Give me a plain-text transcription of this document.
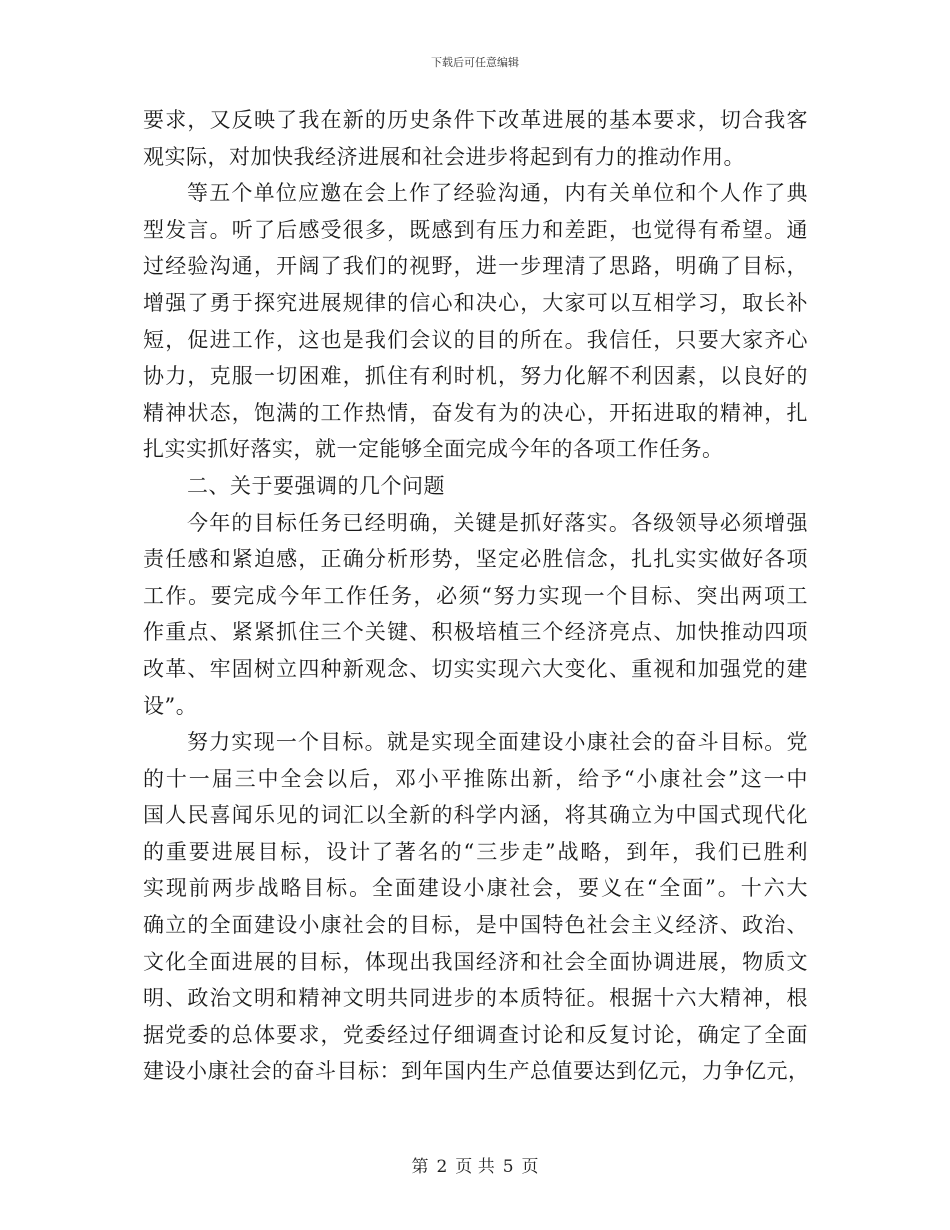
下载后可任意编辑
要求，又反映了我在新的历史条件下改革进展的基本要求，切合我客
观实际，对加快我经济进展和社会进步将起到有力的推动作用。
等五个单位应邀在会上作了经验沟通，内有关单位和个人作了典
型发言。听了后感受很多，既感到有压力和差距，也觉得有希望。通
过经验沟通，开阔了我们的视野，进一步理清了思路，明确了目标，
增强了勇于探究进展规律的信心和决心，大家可以互相学习，取长补
短，促进工作，这也是我们会议的目的所在。我信任，只要大家齐心
协力，克服一切困难，抓住有利时机，努力化解不利因素，以良好的
精神状态，饱满的工作热情，奋发有为的决心，开拓进取的精神，扎
扎实实抓好落实，就一定能够全面完成今年的各项工作任务。
二、关于要强调的几个问题
今年的目标任务已经明确，关键是抓好落实。各级领导必须增强
责任感和紧迫感，正确分析形势，坚定必胜信念，扎扎实实做好各项
工作。要完成今年工作任务，必须“努力实现一个目标、突出两项工
作重点、紧紧抓住三个关键、积极培植三个经济亮点、加快推动四项
改革、牢固树立四种新观念、切实实现六大变化、重视和加强党的建
设”。
努力实现一个目标。就是实现全面建设小康社会的奋斗目标。党
的十一届三中全会以后，邓小平推陈出新，给予“小康社会”这一中
国人民喜闻乐见的词汇以全新的科学内涵，将其确立为中国式现代化
的重要进展目标，设计了著名的“三步走”战略，到年，我们已胜利
实现前两步战略目标。全面建设小康社会，要义在“全面”。十六大
确立的全面建设小康社会的目标，是中国特色社会主义经济、政治、
文化全面进展的目标，体现出我国经济和社会全面协调进展，物质文
明、政治文明和精神文明共同进步的本质特征。根据十六大精神，根
据党委的总体要求，党委经过仔细调查讨论和反复讨论，确定了全面
建设小康社会的奋斗目标：到年国内生产总值要达到亿元，力争亿元，
第 2 页 共 5 页
